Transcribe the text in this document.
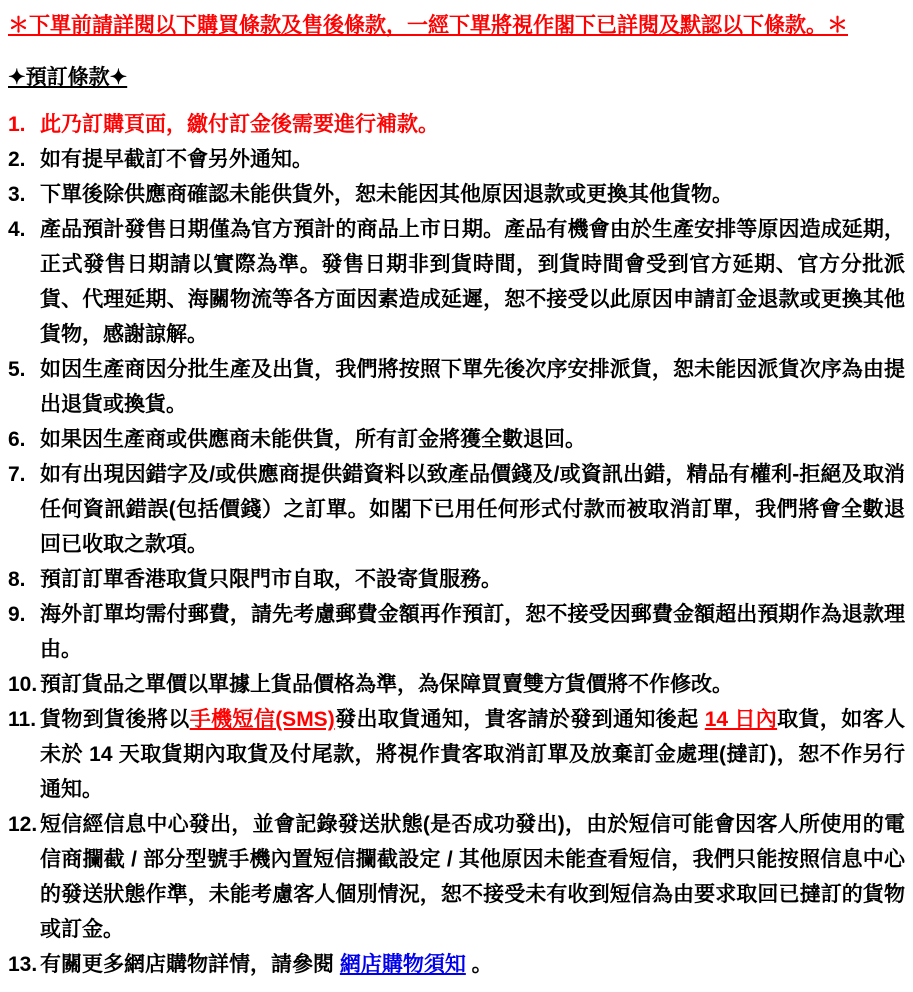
＊下單前請詳閱以下購買條款及售後條款，一經下單將視作閣下已詳閱及默認以下條款。＊
✦預訂條款✦
1. 此乃訂購頁面，繳付訂金後需要進行補款。
2. 如有提早截訂不會另外通知。
3. 下單後除供應商確認未能供貨外，恕未能因其他原因退款或更換其他貨物。
4. 產品預計發售日期僅為官方預計的商品上市日期。產品有機會由於生產安排等原因造成延期，正式發售日期請以實際為準。發售日期非到貨時間，到貨時間會受到官方延期、官方分批派貨、代理延期、海關物流等各方面因素造成延遲，恕不接受以此原因申請訂金退款或更換其他貨物，感謝諒解。
5. 如因生產商因分批生產及出貨，我們將按照下單先後次序安排派貨，恕未能因派貨次序為由提出退貨或換貨。
6. 如果因生產商或供應商未能供貨，所有訂金將獲全數退回。
7. 如有出現因錯字及/或供應商提供錯資料以致產品價錢及/或資訊出錯，精品有權利-拒絕及取消任何資訊錯誤(包括價錢）之訂單。如閣下已用任何形式付款而被取消訂單，我們將會全數退回已收取之款項。
8. 預訂訂單香港取貨只限門市自取，不設寄貨服務。
9. 海外訂單均需付郵費，請先考慮郵費金額再作預訂，恕不接受因郵費金額超出預期作為退款理由。
10. 預訂貨品之單價以單據上貨品價格為準，為保障買賣雙方貨價將不作修改。
11. 貨物到貨後將以手機短信(SMS)發出取貨通知，貴客請於發到通知後起 14 日內取貨，如客人未於 14 天取貨期內取貨及付尾款，將視作貴客取消訂單及放棄訂金處理(撻訂)，恕不作另行通知。
12. 短信經信息中心發出，並會記錄發送狀態(是否成功發出)，由於短信可能會因客人所使用的電信商攔截 / 部分型號手機內置短信攔截設定 / 其他原因未能查看短信，我們只能按照信息中心的發送狀態作準，未能考慮客人個別情況，恕不接受未有收到短信為由要求取回已撻訂的貨物或訂金。
13. 有關更多網店購物詳情，請參閱 網店購物須知 。
